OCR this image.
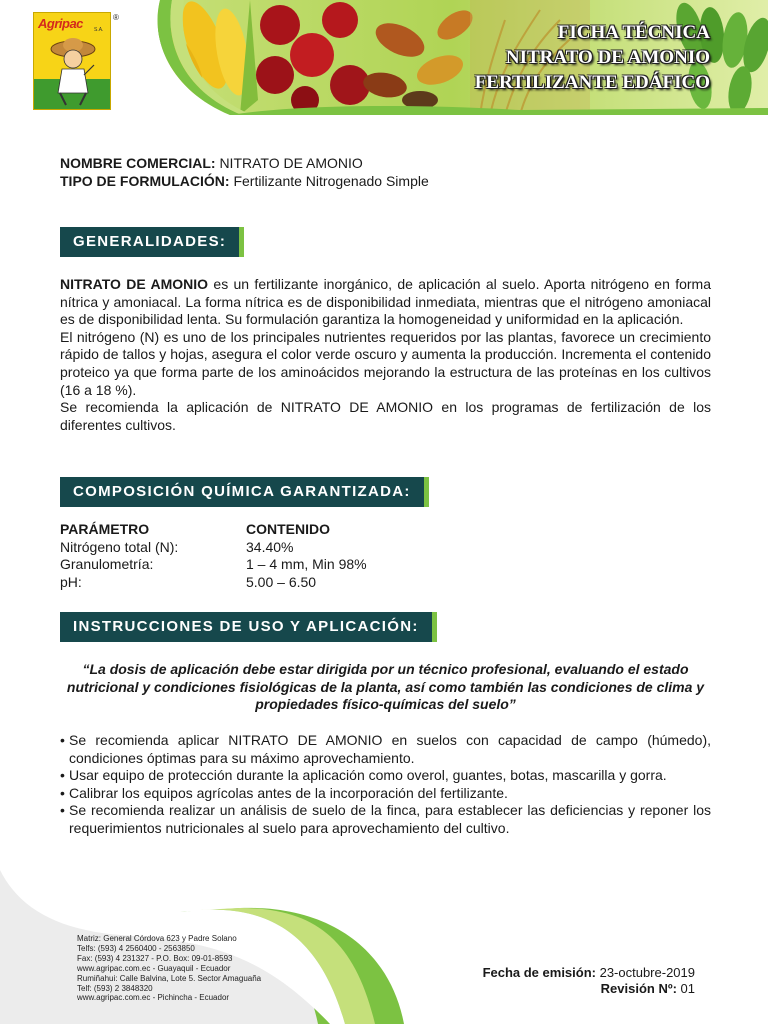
Agripac S.A.
®
FICHA TÉCNICA
NITRATO DE AMONIO
FERTILIZANTE EDÁFICO
NOMBRE COMERCIAL: NITRATO DE AMONIO
TIPO DE FORMULACIÓN: Fertilizante Nitrogenado Simple
GENERALIDADES:

NITRATO DE AMONIO es un fertilizante inorgánico, de aplicación al suelo. Aporta nitrógeno en forma nítrica y amoniacal. La forma nítrica es de disponibilidad inmediata, mientras que el nitrógeno amoniacal es de disponibilidad lenta. Su formulación garantiza la homogeneidad y uniformidad en la aplicación.

El nitrógeno (N) es uno de los principales nutrientes requeridos por las plantas, favorece un crecimiento rápido de tallos y hojas, asegura el color verde oscuro y aumenta la producción. Incrementa el contenido proteico ya que forma parte de los aminoácidos mejorando la estructura de las proteínas en los cultivos (16 a 18 %).

Se recomienda la aplicación de NITRATO DE AMONIO en los programas de fertilización de los diferentes cultivos.

COMPOSICIÓN QUÍMICA GARANTIZADA:
PARÁMETRO	CONTENIDO
Nitrógeno total (N):	34.40%
Granulometría:	1 – 4 mm, Min 98%
pH:	5.00 – 6.50
INSTRUCCIONES DE USO Y APLICACIÓN:
“La dosis de aplicación debe estar dirigida por un técnico profesional, evaluando el estado nutricional y condiciones fisiológicas de la planta, así como también las condiciones de clima y propiedades físico-químicas del suelo”
• Se recomienda aplicar NITRATO DE AMONIO en suelos con capacidad de campo (húmedo), condiciones óptimas para su máximo aprovechamiento.
• Usar equipo de protección durante la aplicación como overol, guantes, botas, mascarilla y gorra.
• Calibrar los equipos agrícolas antes de la incorporación del fertilizante.
• Se recomienda realizar un análisis de suelo de la finca, para establecer las deficiencias y reponer los requerimientos nutricionales al suelo para aprovechamiento del cultivo.
Matriz: General Córdova 623 y Padre Solano
Telfs: (593) 4 2560400 - 2563850
Fax: (593) 4 231327 - P.O. Box: 09-01-8593
www.agripac.com.ec - Guayaquil - Ecuador
Rumiñahui: Calle Balvina, Lote 5. Sector Amaguaña
Telf: (593) 2 3848320
www.agripac.com.ec - Pichincha - Ecuador
Fecha de emisión: 23-octubre-2019
Revisión Nº: 01
